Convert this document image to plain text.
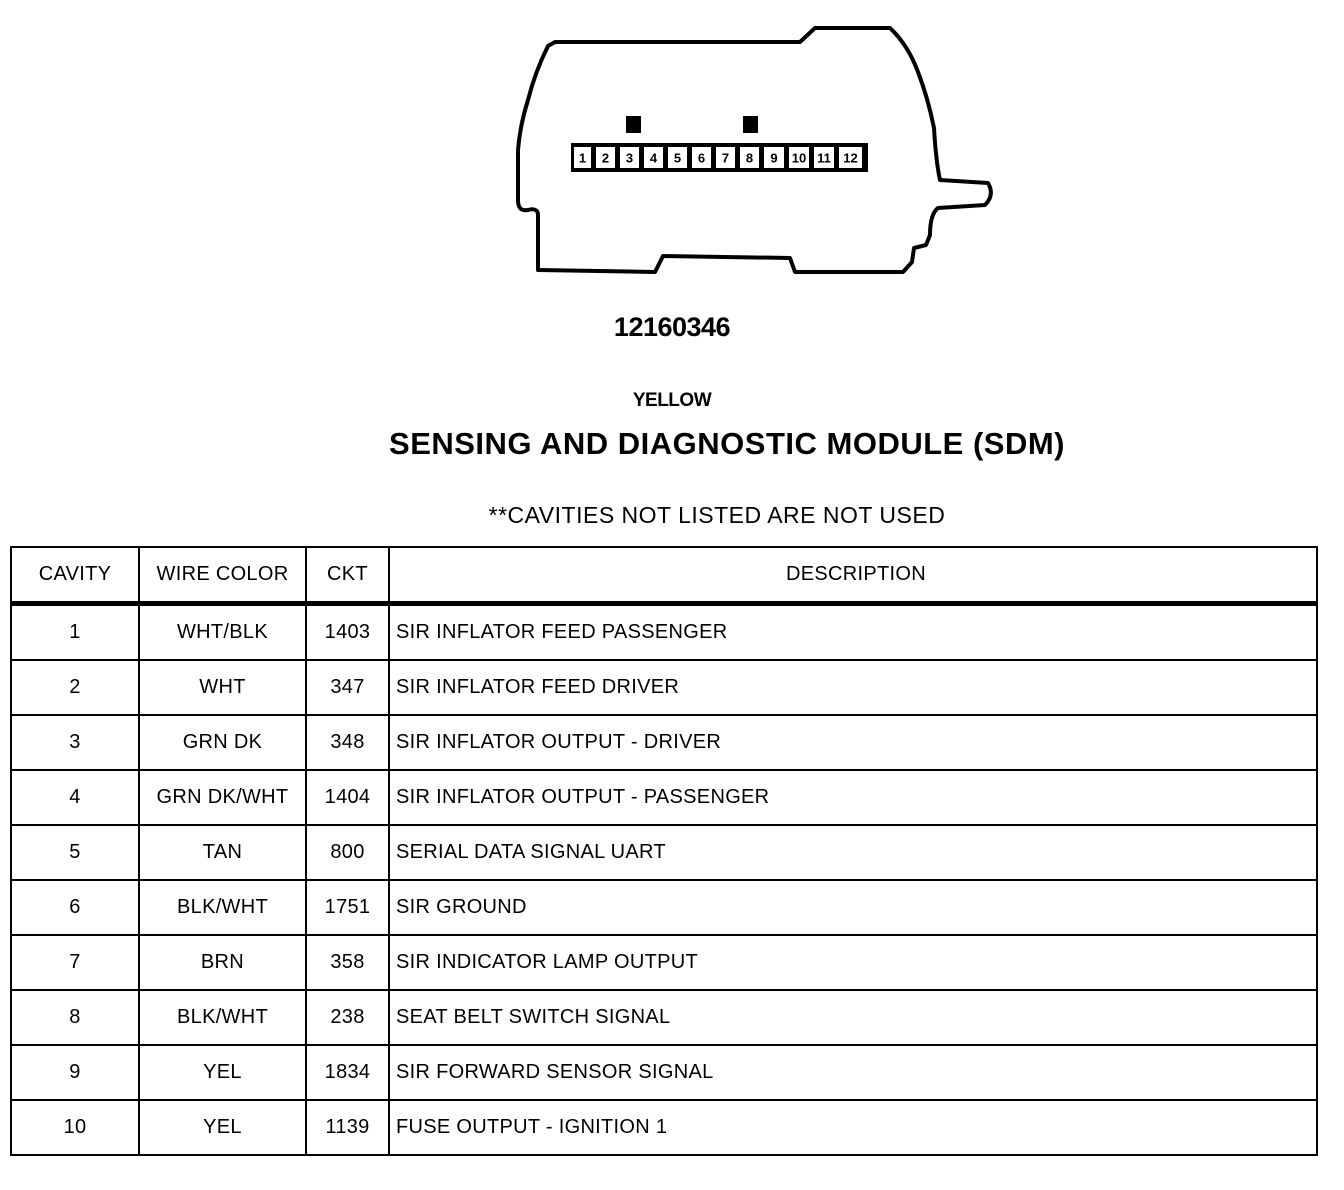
1 2 3 4 5 6 7 8 9 10 11 12
12160346
YELLOW
SENSING AND DIAGNOSTIC MODULE (SDM)
**CAVITIES NOT LISTED ARE NOT USED
CAVITY	WIRE COLOR	CKT	DESCRIPTION
1	WHT/BLK	1403	SIR INFLATOR FEED PASSENGER
2	WHT	347	SIR INFLATOR FEED DRIVER
3	GRN DK	348	SIR INFLATOR OUTPUT - DRIVER
4	GRN DK/WHT	1404	SIR INFLATOR OUTPUT - PASSENGER
5	TAN	800	SERIAL DATA SIGNAL UART
6	BLK/WHT	1751	SIR GROUND
7	BRN	358	SIR INDICATOR LAMP OUTPUT
8	BLK/WHT	238	SEAT BELT SWITCH SIGNAL
9	YEL	1834	SIR FORWARD SENSOR SIGNAL
10	YEL	1139	FUSE OUTPUT - IGNITION 1
